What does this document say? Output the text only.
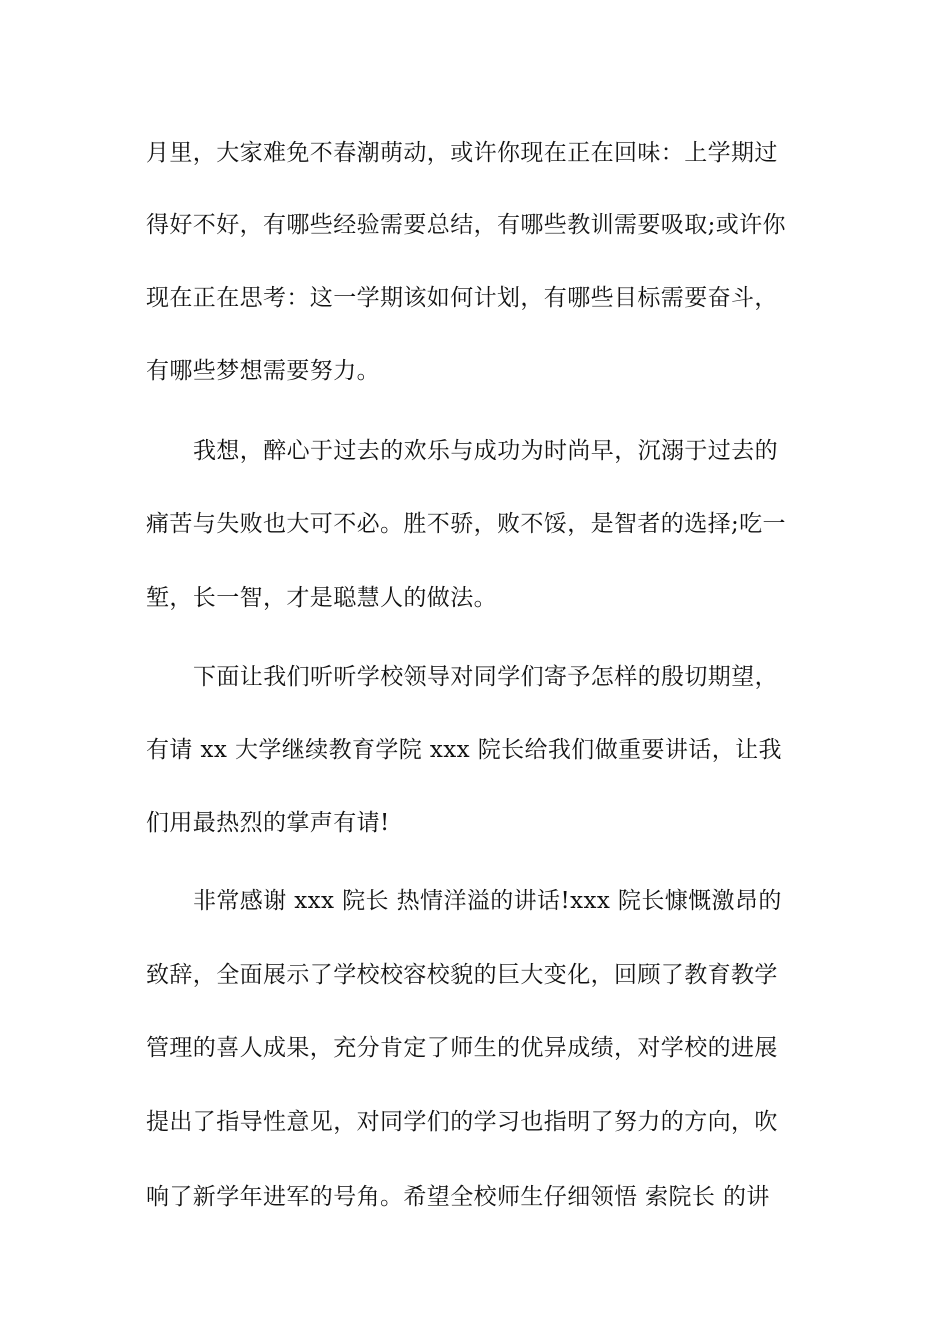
月里，大家难免不春潮萌动，或许你现在正在回味：上学期过
得好不好，有哪些经验需要总结，有哪些教训需要吸取;或许你
现在正在思考：这一学期该如何计划，有哪些目标需要奋斗，
有哪些梦想需要努力。
我想，醉心于过去的欢乐与成功为时尚早，沉溺于过去的
痛苦与失败也大可不必。胜不骄，败不馁，是智者的选择;吃一
堑，长一智，才是聪慧人的做法。
下面让我们听听学校领导对同学们寄予怎样的殷切期望，
有请 xx 大学继续教育学院 xxx 院长给我们做重要讲话，让我
们用最热烈的掌声有请!
非常感谢 xxx 院长 热情洋溢的讲话!xxx 院长慷慨激昂的
致辞，全面展示了学校校容校貌的巨大变化，回顾了教育教学
管理的喜人成果，充分肯定了师生的优异成绩，对学校的进展
提出了指导性意见，对同学们的学习也指明了努力的方向，吹
响了新学年进军的号角。希望全校师生仔细领悟 索院长 的讲
